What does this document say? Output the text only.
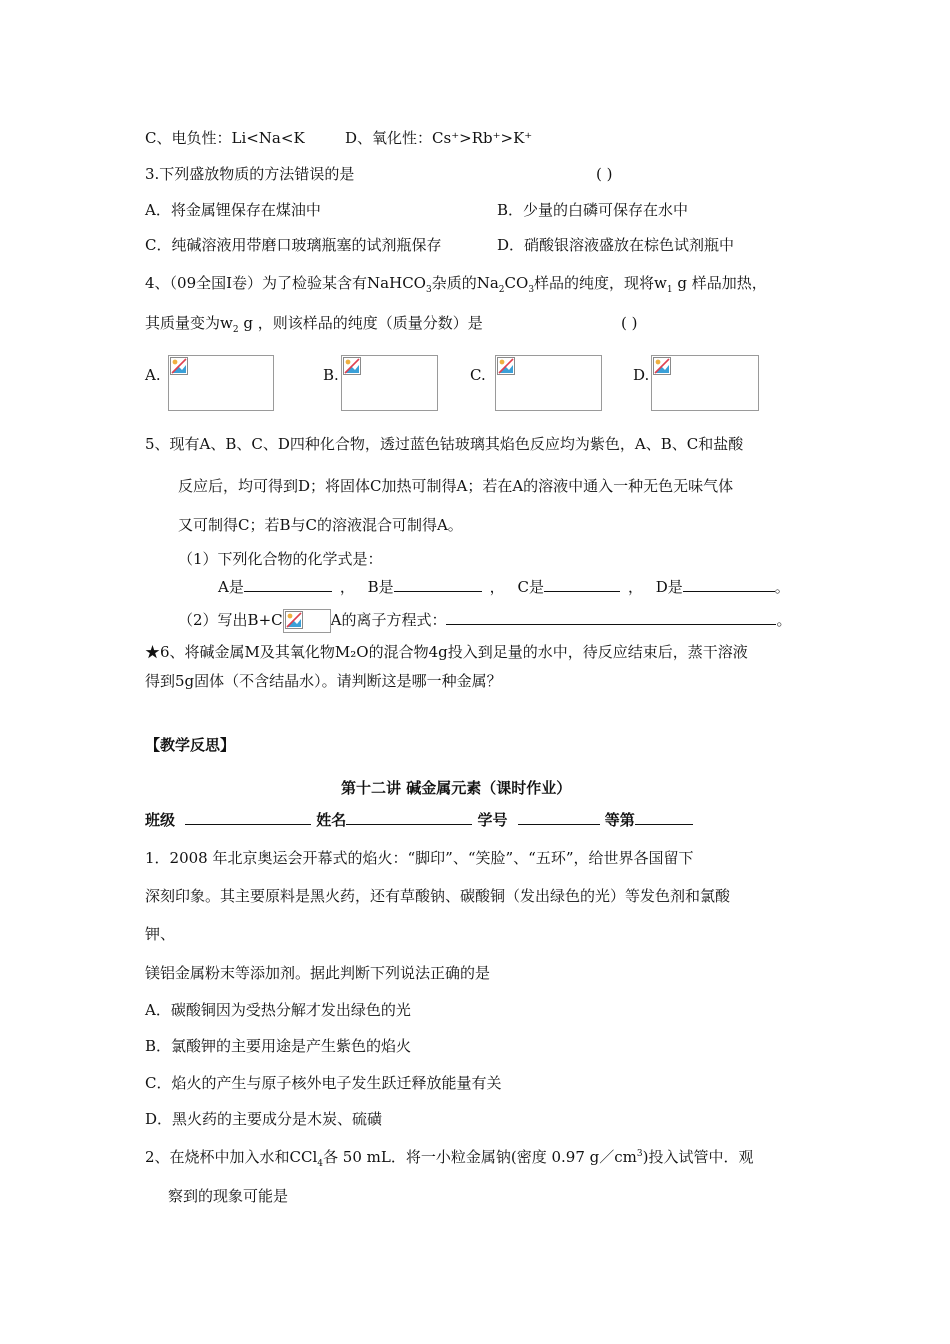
C、电负性：Li<Na<K	D、氧化性：Cs⁺>Rb⁺>K⁺
3.下列盛放物质的方法错误的是	( )
A．将金属锂保存在煤油中	B．少量的白磷可保存在水中
C．纯碱溶液用带磨口玻璃瓶塞的试剂瓶保存	D．硝酸银溶液盛放在棕色试剂瓶中
4、（09全国Ⅰ卷）为了检验某含有NaHCO$_3$杂质的$Na_2CO_3$样品的纯度，现将$w_1$ g 样品加热，
其质量变为$w_2$ g ，则该样品的纯度（质量分数）是	( )
A.	B.	C.	D.
5、现有A、B、C、D四种化合物，透过蓝色钴玻璃其焰色反应均为紫色，A、B、C和盐酸
反应后，均可得到D；将固体C加热可制得A；若在A的溶液中通入一种无色无味气体
又可制得C；若B与C的溶液混合可制得A。
（1）下列化合物的化学式是：
A是	， B是	， C是	， D是	。
（2）写出B+C	A的离子方程式：	。
★6、将碱金属M及其氧化物M₂O的混合物4g投入到足量的水中，待反应结束后，蒸干溶液
得到5g固体（不含结晶水）。请判断这是哪一种金属？
【教学反思】
第十二讲 碱金属元素（课时作业）
班级	姓名	学号	等第
1．2008 年北京奥运会开幕式的焰火：“脚印”、“笑脸”、“五环”，给世界各国留下
深刻印象。其主要原料是黑火药，还有草酸钠、碳酸铜（发出绿色的光）等发色剂和氯酸
钾、
镁铝金属粉末等添加剂。据此判断下列说法正确的是
A．碳酸铜因为受热分解才发出绿色的光
B．氯酸钾的主要用途是产生紫色的焰火
C．焰火的产生与原子核外电子发生跃迁释放能量有关
D．黑火药的主要成分是木炭、硫磺
2、在烧杯中加入水和CCl$_4$各 50 mL．将一小粒金属钠(密度 0.97 $g/cm^3$)投入试管中．观
察到的现象可能是
